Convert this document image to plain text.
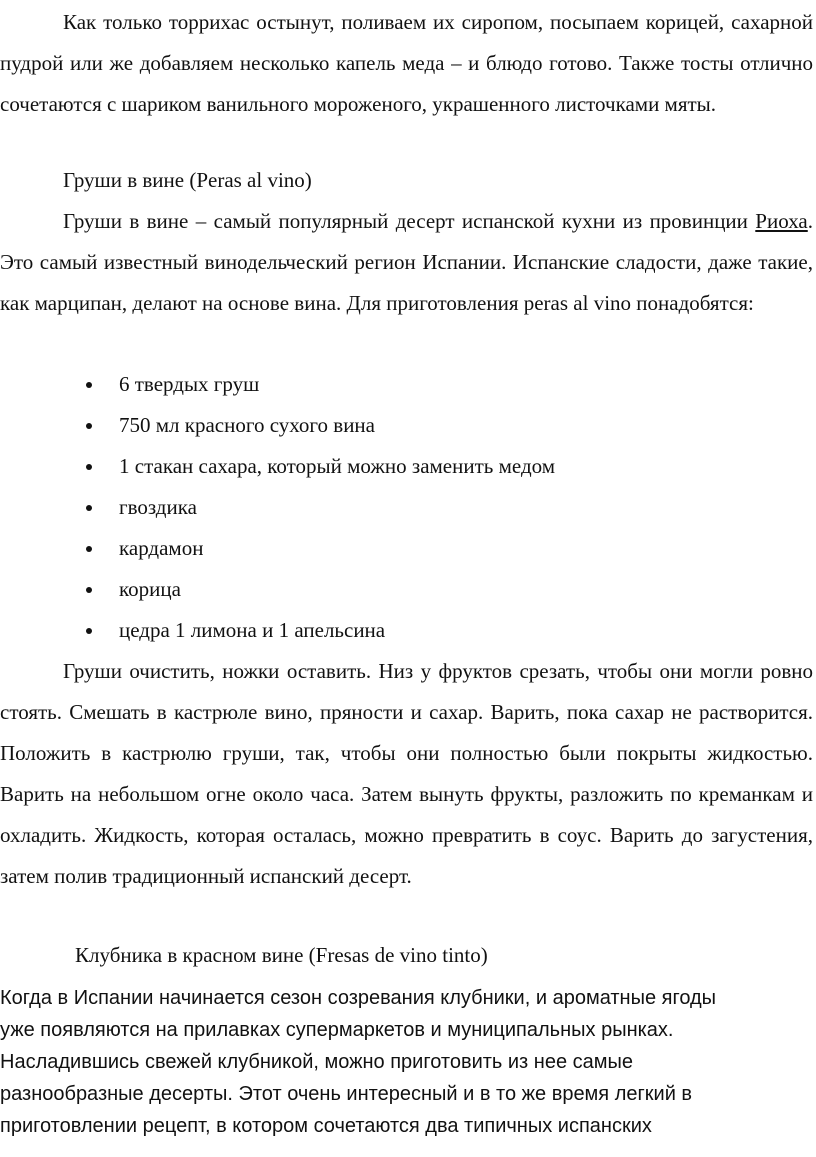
Как только торрихас остынут, поливаем их сиропом, посыпаем корицей, сахарной пудрой или же добавляем несколько капель меда – и блюдо готово. Также тосты отлично сочетаются с шариком ванильного мороженого, украшенного листочками мяты.

Груши в вине (Peras al vino)

Груши в вине – самый популярный десерт испанской кухни из провинции Риоха. Это самый известный винодельческий регион Испании. Испанские сладости, даже такие, как марципан, делают на основе вина. Для приготовления peras al vino понадобятся:

6 твердых груш
750 мл красного сухого вина
1 стакан сахара, который можно заменить медом
гвоздика
кардамон
корица
цедра 1 лимона и 1 апельсина

Груши очистить, ножки оставить. Низ у фруктов срезать, чтобы они могли ровно стоять. Смешать в кастрюле вино, пряности и сахар. Варить, пока сахар не растворится. Положить в кастрюлю груши, так, чтобы они полностью были покрыты жидкостью. Варить на небольшом огне около часа. Затем вынуть фрукты, разложить по креманкам и охладить. Жидкость, которая осталась, можно превратить в соус. Варить до загустения, затем полив традиционный испанский десерт.

Клубника в красном вине (Fresas de vino tinto)

Когда в Испании начинается сезон созревания клубники, и ароматные ягоды
уже появляются на прилавках супермаркетов и муниципальных рынках.
Насладившись свежей клубникой, можно приготовить из нее самые
разнообразные десерты. Этот очень интересный и в то же время легкий в
приготовлении рецепт, в котором сочетаются два типичных испанских
